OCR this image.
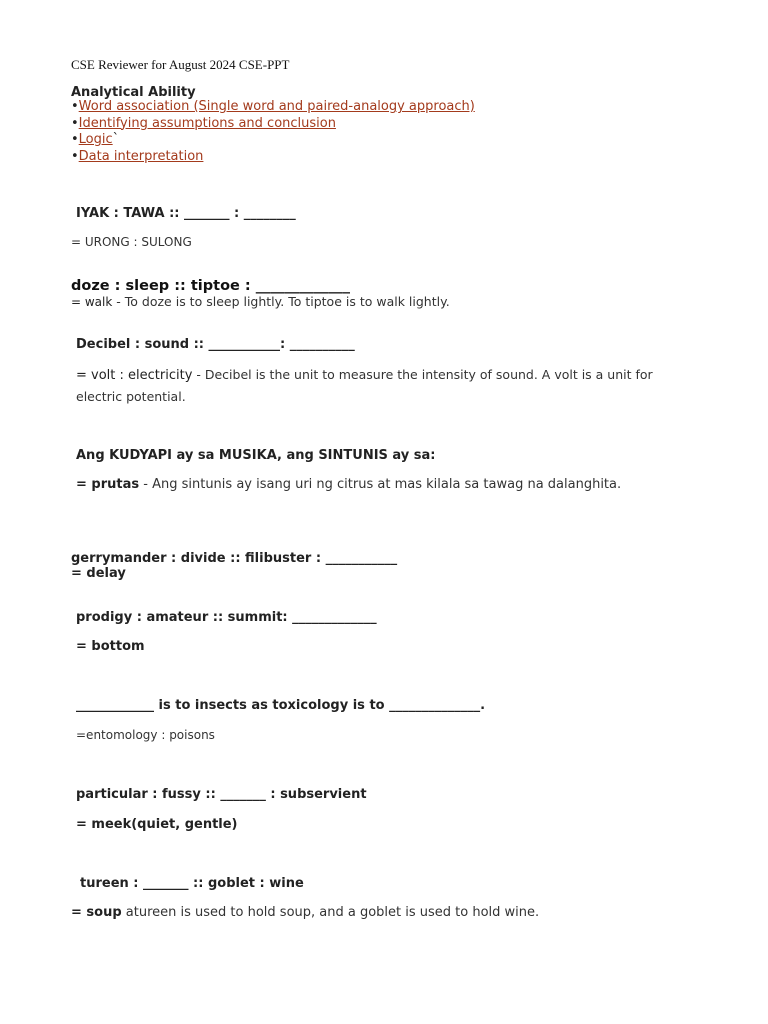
CSE Reviewer for August 2024 CSE-PPT
Analytical Ability
•Word association (Single word and paired-analogy approach)
•Identifying assumptions and conclusion
•Logic`
•Data interpretation
IYAK : TAWA :: _______ : ________
= URONG : SULONG
doze : sleep :: tiptoe : _____________
= walk - To doze is to sleep lightly. To tiptoe is to walk lightly.
Decibel : sound :: ___________: __________
= volt : electricity - Decibel is the unit to measure the intensity of sound. A volt is a unit for electric potential.
Ang KUDYAPI ay sa MUSIKA, ang SINTUNIS ay sa:
= prutas - Ang sintunis ay isang uri ng citrus at mas kilala sa tawag na dalanghita.
gerrymander : divide :: filibuster : ___________
= delay
prodigy : amateur :: summit: _____________
= bottom
____________ is to insects as toxicology is to ______________.
=entomology : poisons
particular : fussy :: _______ : subservient
= meek(quiet, gentle)
tureen : _______ :: goblet : wine
= soup atureen is used to hold soup, and a goblet is used to hold wine.
